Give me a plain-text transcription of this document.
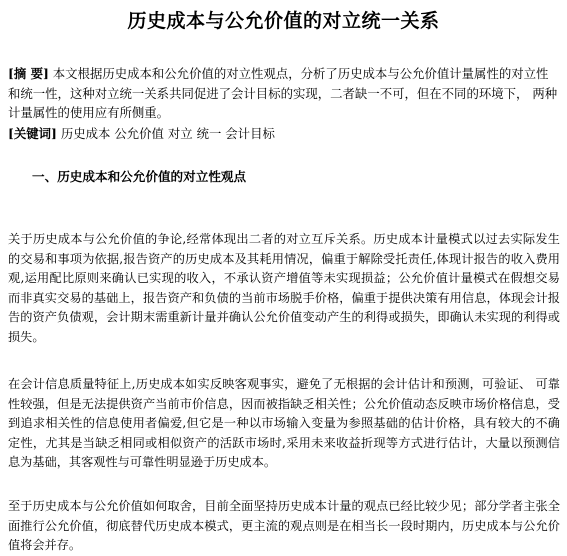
历史成本与公允价值的对立统一关系
[摘 要] 本文根据历史成本和公允价值的对立性观点，分析了历史成本与公允价值计量属性的对立性和统一性，这种对立统一关系共同促进了会计目标的实现，二者缺一不可，但在不同的环境下， 两种计量属性的使用应有所侧重。
[关键词] 历史成本 公允价值 对立 统一 会计目标
一、历史成本和公允价值的对立性观点
关于历史成本与公允价值的争论,经常体现出二者的对立互斥关系。历史成本计量模式以过去实际发生的交易和事项为依据,报告资产的历史成本及其耗用情况，偏重于解除受托责任,体现计报告的收入费用观,运用配比原则来确认已实现的收入，不承认资产增值等未实现损益；公允价值计量模式在假想交易而非真实交易的基础上，报告资产和负债的当前市场脱手价格，偏重于提供决策有用信息，体现会计报告的资产负债观，会计期末需重新计量并确认公允价值变动产生的利得或损失，即确认未实现的利得或损失。
在会计信息质量特征上,历史成本如实反映客观事实，避免了无根据的会计估计和预测，可验证、 可靠性较强，但是无法提供资产当前市价信息，因而被指缺乏相关性；公允价值动态反映市场价格信息，受到追求相关性的信息使用者偏爱,但它是一种以市场输入变量为参照基础的估计价格，具有较大的不确定性，尤其是当缺乏相同或相似资产的活跃市场时,采用未来收益折现等方式进行估计，大量以预测信息为基础，其客观性与可靠性明显逊于历史成本。
至于历史成本与公允价值如何取舍，目前全面坚持历史成本计量的观点已经比较少见；部分学者主张全面推行公允价值，彻底替代历史成本模式，更主流的观点则是在相当长一段时期内，历史成本与公允价值将会并存。
